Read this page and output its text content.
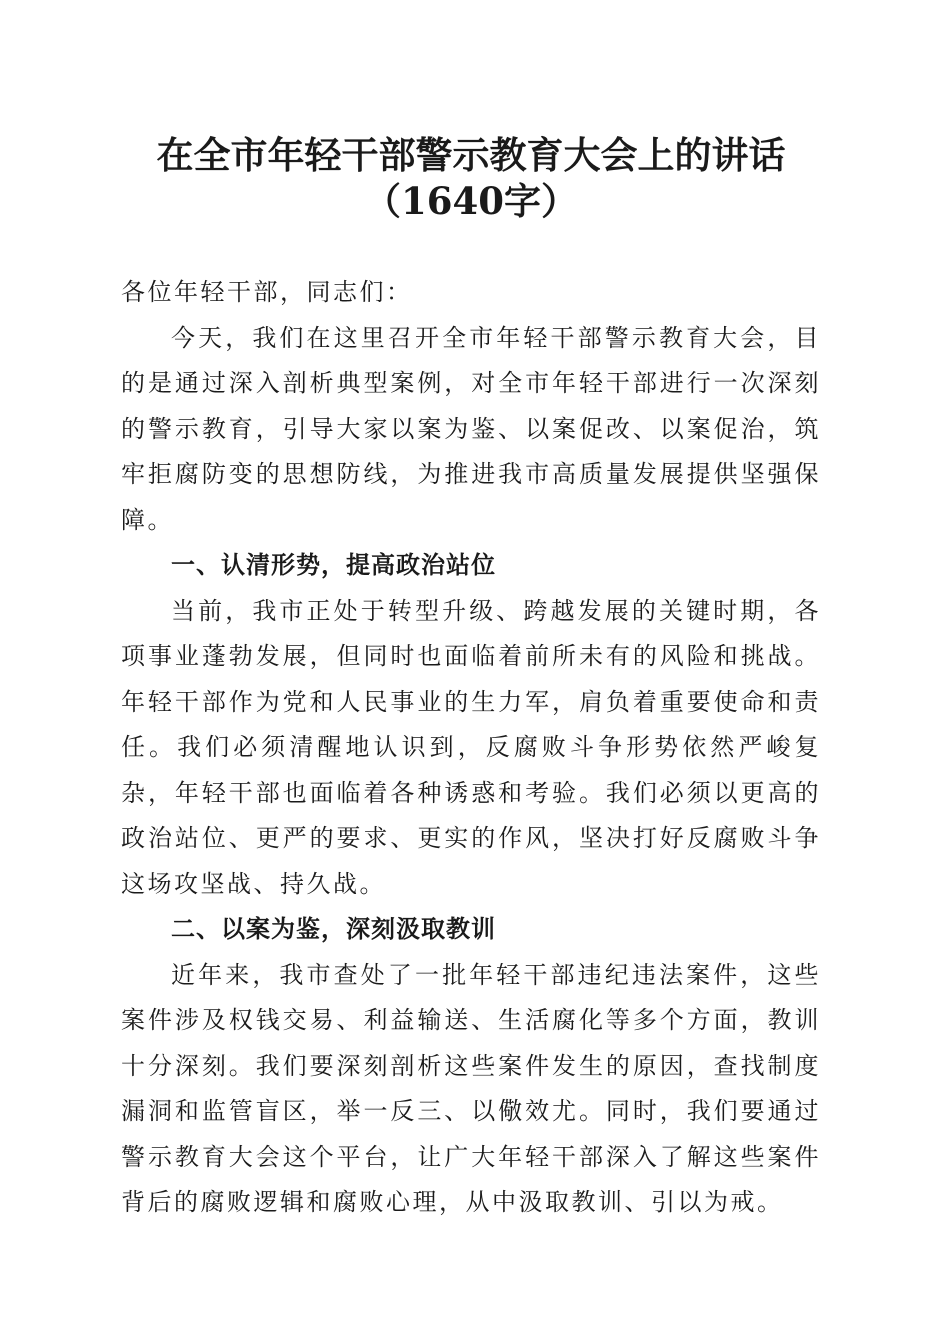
在全市年轻干部警示教育大会上的讲话（1640字）

各位年轻干部，同志们：

今天，我们在这里召开全市年轻干部警示教育大会，目的是通过深入剖析典型案例，对全市年轻干部进行一次深刻的警示教育，引导大家以案为鉴、以案促改、以案促治，筑牢拒腐防变的思想防线，为推进我市高质量发展提供坚强保障。

一、认清形势，提高政治站位

当前，我市正处于转型升级、跨越发展的关键时期，各项事业蓬勃发展，但同时也面临着前所未有的风险和挑战。年轻干部作为党和人民事业的生力军，肩负着重要使命和责任。我们必须清醒地认识到，反腐败斗争形势依然严峻复杂，年轻干部也面临着各种诱惑和考验。我们必须以更高的政治站位、更严的要求、更实的作风，坚决打好反腐败斗争这场攻坚战、持久战。

二、以案为鉴，深刻汲取教训

近年来，我市查处了一批年轻干部违纪违法案件，这些案件涉及权钱交易、利益输送、生活腐化等多个方面，教训十分深刻。我们要深刻剖析这些案件发生的原因，查找制度漏洞和监管盲区，举一反三、以儆效尤。同时，我们要通过警示教育大会这个平台，让广大年轻干部深入了解这些案件背后的腐败逻辑和腐败心理，从中汲取教训、引以为戒。
